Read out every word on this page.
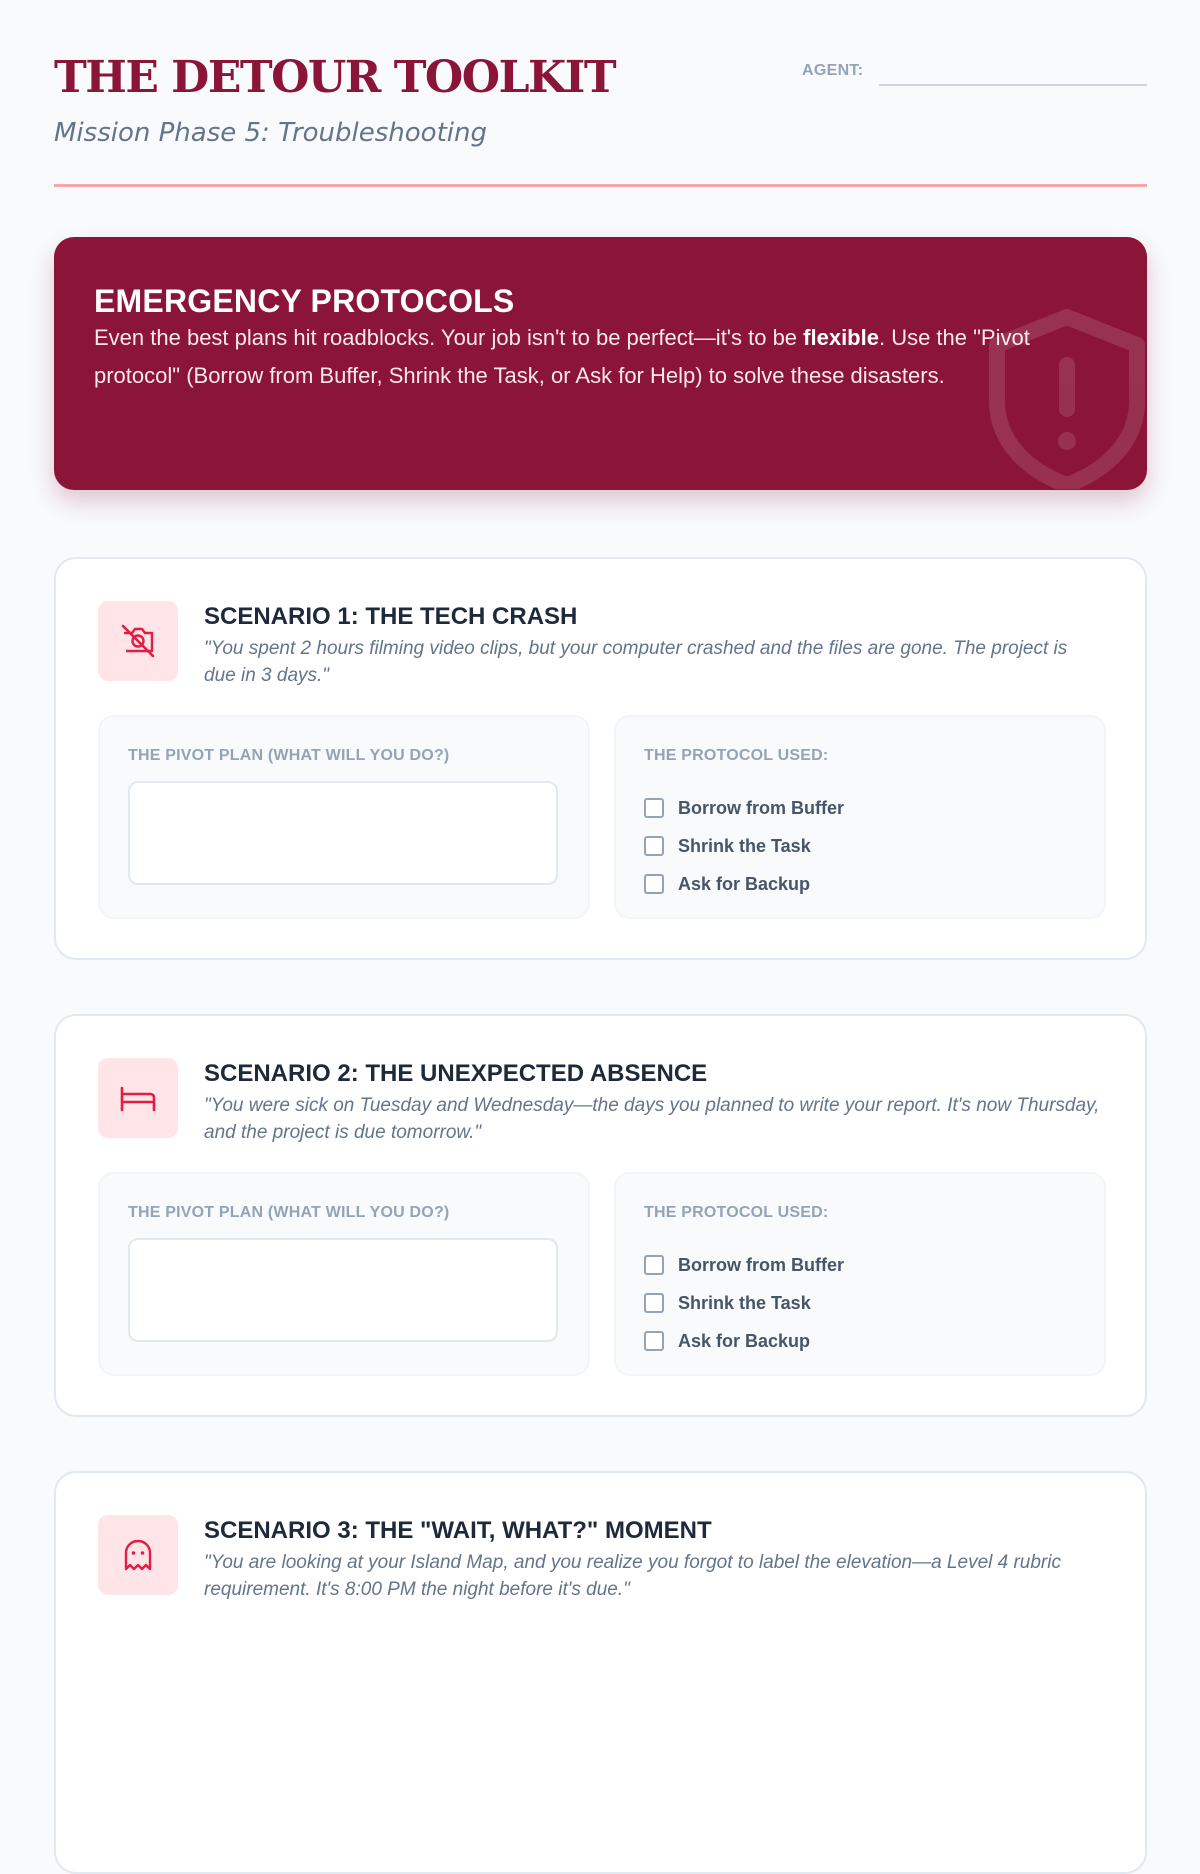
THE DETOUR TOOLKIT
Mission Phase 5: Troubleshooting
AGENT:
EMERGENCY PROTOCOLS

Even the best plans hit roadblocks. Your job isn't to be perfect—it's to be flexible. Use the "Pivot protocol" (Borrow from Buffer, Shrink the Task, or Ask for Help) to solve these disasters.

SCENARIO 1: THE TECH CRASH

"You spent 2 hours filming video clips, but your computer crashed and the files are gone. The project is due in 3 days."

THE PIVOT PLAN (WHAT WILL YOU DO?)	THE PROTOCOL USED:
Borrow from Buffer
Shrink the Task
Ask for Backup
SCENARIO 2: THE UNEXPECTED ABSENCE

"You were sick on Tuesday and Wednesday—the days you planned to write your report. It's now Thursday, and the project is due tomorrow."

THE PIVOT PLAN (WHAT WILL YOU DO?)	THE PROTOCOL USED:
Borrow from Buffer
Shrink the Task
Ask for Backup
SCENARIO 3: THE "WAIT, WHAT?" MOMENT

"You are looking at your Island Map, and you realize you forgot to label the elevation—a Level 4 rubric requirement. It's 8:00 PM the night before it's due."
